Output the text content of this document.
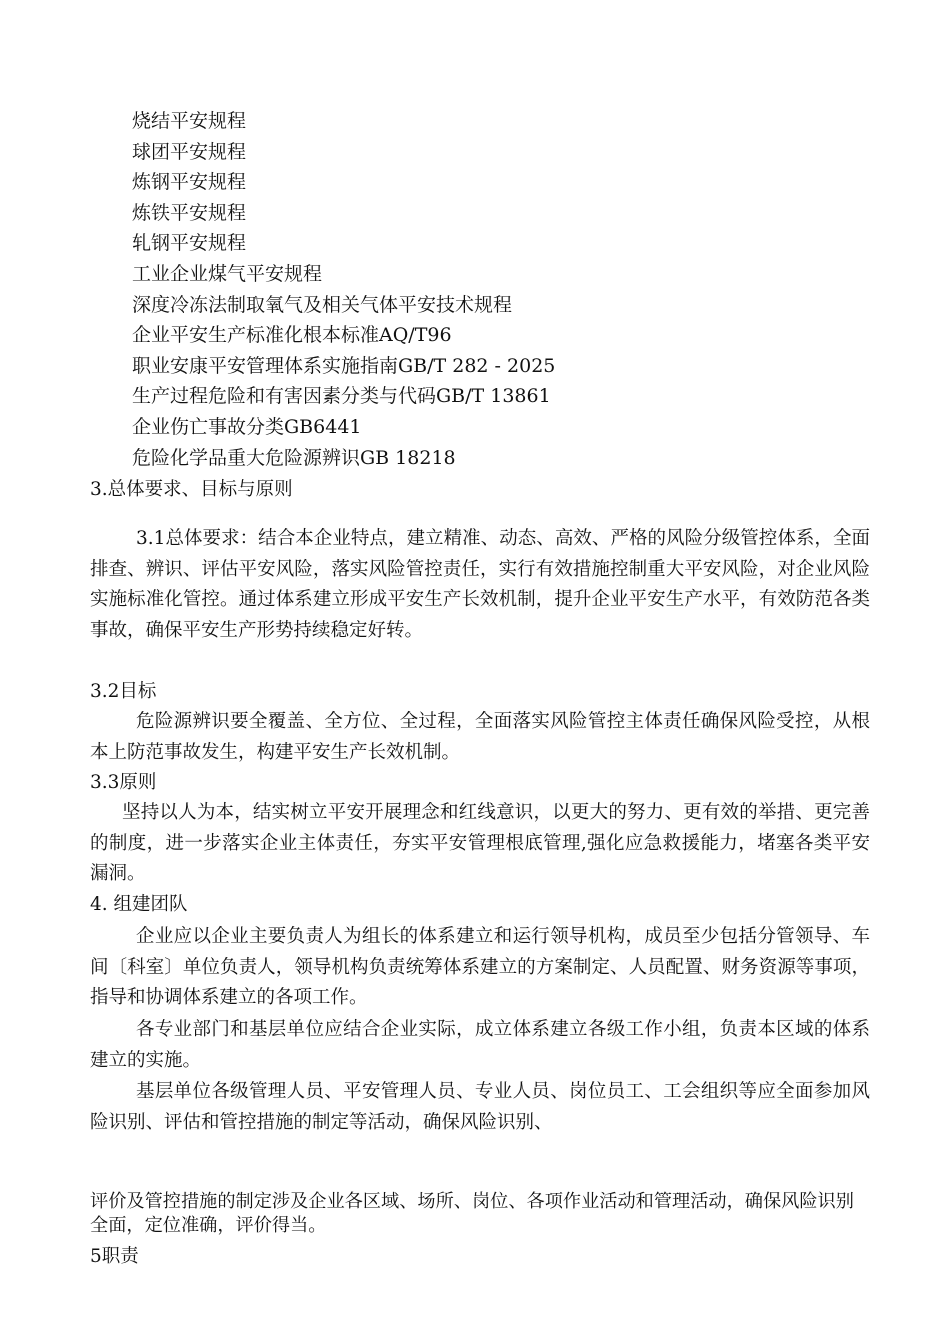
烧结平安规程
球团平安规程
炼钢平安规程
炼铁平安规程
轧钢平安规程
工业企业煤气平安规程
深度冷冻法制取氧气及相关气体平安技术规程
企业平安生产标准化根本标准AQ/T96
职业安康平安管理体系实施指南GB/T 282 - 2025
生产过程危险和有害因素分类与代码GB/T 13861
企业伤亡事故分类GB6441
危险化学品重大危险源辨识GB 18218
3.总体要求、目标与原则
3.1总体要求：结合本企业特点，建立精准、动态、高效、严格的风险分级管控体系，全面排查、辨识、评估平安风险，落实风险管控责任，实行有效措施控制重大平安风险，对企业风险实施标准化管控。通过体系建立形成平安生产长效机制，提升企业平安生产水平，有效防范各类事故，确保平安生产形势持续稳定好转。
3.2目标
危险源辨识要全覆盖、全方位、全过程，全面落实风险管控主体责任确保风险受控，从根本上防范事故发生，构建平安生产长效机制。
3.3原则
坚持以人为本，结实树立平安开展理念和红线意识，以更大的努力、更有效的举措、更完善的制度，进一步落实企业主体责任，夯实平安管理根底管理,强化应急救援能力，堵塞各类平安漏洞。
4. 组建团队
企业应以企业主要负责人为组长的体系建立和运行领导机构，成员至少包括分管领导、车间〔科室〕单位负责人，领导机构负责统筹体系建立的方案制定、人员配置、财务资源等事项，指导和协调体系建立的各项工作。
各专业部门和基层单位应结合企业实际，成立体系建立各级工作小组，负责本区域的体系建立的实施。
基层单位各级管理人员、平安管理人员、专业人员、岗位员工、工会组织等应全面参加风险识别、评估和管控措施的制定等活动，确保风险识别、
评价及管控措施的制定涉及企业各区域、场所、岗位、各项作业活动和管理活动，确保风险识别全面，定位准确，评价得当。
5职责
